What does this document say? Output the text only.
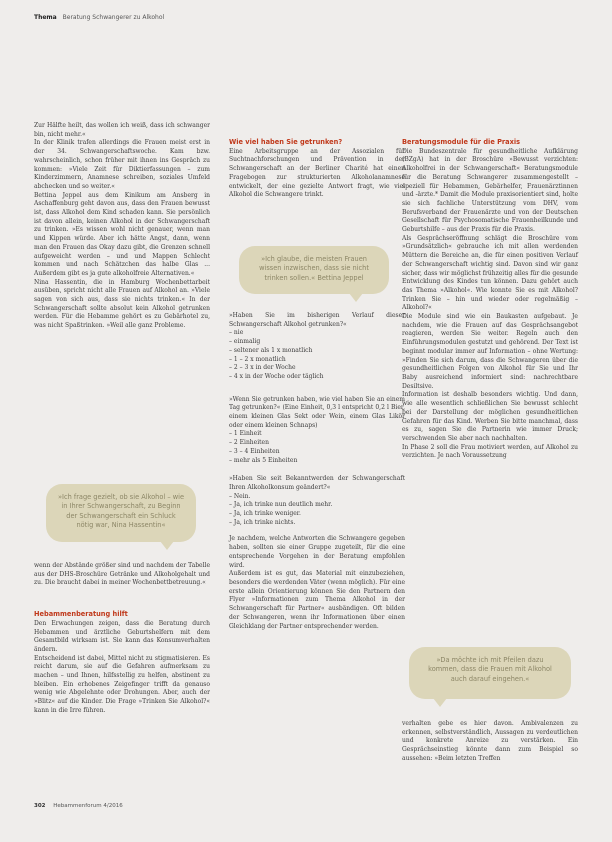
Thema Beratung Schwangerer zu Alkohol

Zur Hälfte heilt, das wollen ich weiß, dass ich schwanger bin, nicht mehr.«

In der Klinik trafen allerdings die Frauen meist erst in der 34. Schwangerschaftswoche. Kam bzw. wahrscheinlich, schon früher mit ihnen ins Gespräch zu kommen: »Viele Zeit für Diktierfassungen – zum Kinderzimmern, Anamnese schreiben, soziales Umfeld abchecken und so weiter.«

Bettina Jeppel aus dem Kinikum am Ansberg in Aschaffenburg geht davon aus, dass den Frauen bewusst ist, dass Alkohol dem Kind schaden kann. Sie persönlich ist davon allein, keinen Alkohol in der Schwangerschaft zu trinken. »Es wissen wohl nicht genauer, wenn man und Kippen würde. Aber ich hätte Angst, dann, wenn man den Frauen das Okay dazu gibt, die Grenzen schnell aufgeweicht werden – und und Mappen Schlecht kommen und nach Schätzchen das halbe Glas ... Außerdem gibt es ja gute alkoholfreie Alternativen.«

Nina Hassentin, die in Hamburg Wochenbettarbeit ausüben, spricht nicht alle Frauen auf Alkohol an. »Viele sagen von sich aus, dass sie nichts trinken.« In der Schwangerschaft sollte absolut kein Alkohol getrunken werden. Für die Hebamme gehört es zu Gebärhotel zu, was nicht Spaßtrinken. »Weil alle ganz Probleme.

wenn der Abstände größer sind und nachdem der Tabelle aus der DHS-Broschüre Getränke und Alkoholgehalt und zu. Die braucht dabei in meiner Wochenbettbetreuung.«

Hebammenberatung hilft

Den Erwachungen zeigen, dass die Beratung durch Hebammen und ärztliche Geburtshelfern mit dem Gesamtbild wirksam ist. Sie kann das Konsumverhalten ändern.

Entscheidend ist dabei, Mittel nicht zu stigmatisieren. Es reicht darum, sie auf die Gefahren aufmerksam zu machen – und Ihnen, hilfsstellig zu helfen, abstinent zu bleiben. Ein erhobenes Zeigefinger trifft da genauso wenig wie Abgelehnte oder Drohungen. Aber, auch der »Blitz« auf die Kinder. Die Frage »Trinken Sie Alkohol?« kann in die Irre führen.

Wie viel haben Sie getrunken?

Eine Arbeitsgruppe an der Assozialen für Suchtnachforschungen und Prävention in der Schwangerschaft an der Berliner Charité hat einen Fragebogen zur strukturierten Alkoholanamnese entwickelt, der eine gezielte Antwort fragt, wie viel Alkohol die Schwangere trinkt.

»Haben Sie im bisherigen Verlauf dieser Schwangerschaft Alkohol getrunken?«

– nie
– einmalig
– seltener als 1 x monatlich
– 1 – 2 x monatlich
– 2 – 3 x in der Woche
– 4 x in der Woche oder täglich

»Wenn Sie getrunken haben, wie viel haben Sie an einem Tag getrunken?« (Eine Einheit, 0,3 l entspricht 0,2 l Bier, einem kleinen Glas Sekt oder Wein, einem Glas Likör oder einem kleinen Schnaps)

– 1 Einheit
– 2 Einheiten
– 3 – 4 Einheiten
– mehr als 5 Einheiten

»Haben Sie seit Bekanntwerden der Schwangerschaft Ihren Alkoholkonsum geändert?«

– Nein.
– Ja, ich trinke nun deutlich mehr.
– Ja, ich trinke weniger.
– Ja, ich trinke nichts.

Je nachdem, welche Antworten die Schwangere gegeben haben, sollten sie einer Gruppe zugeteilt, für die eine entsprechende Vorgehen in der Beratung empfohlen wird.

Außerdem ist es gut, das Material mit einzubeziehen, besonders die werdenden Väter (wenn möglich). Für eine erste allein Orientierung können Sie den Partnern den Flyer »Informationen zum Thema Alkohol in der Schwangerschaft für Partner« ausbändigen. Oft bilden der Schwangeren, wenn ihr Informationen über einen Gleichklang der Partner entsprechender werden.

Beratungsmodule für die Praxis

Die Bundeszentrale für gesundheitliche Aufklärung (BZgA) hat in der Broschüre »Bewusst verzichten: Alkoholfrei in der Schwangerschaft« Beratungsmodule für die Beratung Schwangerer zusammengestellt – speziell für Hebammen, Gebärhelfer, Frauenärztinnen und -ärzte.* Damit die Module praxisorientiert sind, holte sie sich fachliche Unterstützung vom DHV, vom Berufsverband der Frauenärzte und von der Deutschen Gesellschaft für Psychosomatische Frauenheilkunde und Geburtshilfe – aus der Praxis für die Praxis.

Als Gesprächseröffnung schlägt die Broschüre vom »Grundsätzlich« gebrauche ich mit allen werdenden Müttern die Bereiche an, die für einen positiven Verlauf der Schwangerschaft wichtig sind. Davon sind wir ganz sicher, dass wir möglichst frühzeitig alles für die gesunde Entwicklung des Kindes tun können. Dazu gehört auch das Thema »Alkohol«. Wie konnte Sie es mit Alkohol? Trinken Sie – hin und wieder oder regelmäßig – Alkohol?«

Die Module sind wie ein Baukasten aufgebaut. Je nachdem, wie die Frauen auf das Gesprächsangebot reagieren, werden Sie weiter. Regeln auch den Einführungsmodulen gestutzt und gehörend. Der Text ist beginnt modular immer auf Information – ohne Wertung: »Finden Sie sich darum, dass die Schwangeren über die gesundheitlichen Folgen von Alkohol für Sie und Ihr Baby ausreichend informiert sind: nachrechtbare Desiltsive.

Information ist deshalb besonders wichtig. Und dann, wie alle wesentlich schließlichen Sie bewusst schlecht bei der Darstellung der möglichen gesundheitlichen Gefahren für das Kind. Werben Sie bitte manchmal, dass es zu, sagen Sie die Partnerin wie immer Druck; verschwenden Sie aber nach nachhalten.

In Phase 2 soll die Frau motiviert werden, auf Alkohol zu verzichten. Je nach Voraussetzung

verhalten gebe es hier davon. Ambivalenzen zu erkennen, selbstverständlich, Aussagen zu verdeutlichen und konkrete Anreize zu verstärken. Ein Gesprächseinstieg könnte dann zum Beispiel so aussehen: »Beim letzten Treffen

»Ich glaube, die meisten Frauen wissen inzwischen, dass sie nicht trinken sollen.« Bettina Jeppel
»Ich frage gezielt, ob sie Alkohol – wie in Ihrer Schwangerschaft, zu Beginn der Schwangerschaft ein Schluck nötig war, Nina Hassentin«
»Da möchte ich mit Pfeilen dazu kommen, dass die Frauen mit Alkohol auch darauf eingehen.«
302 Hebammenforum 4/2016
